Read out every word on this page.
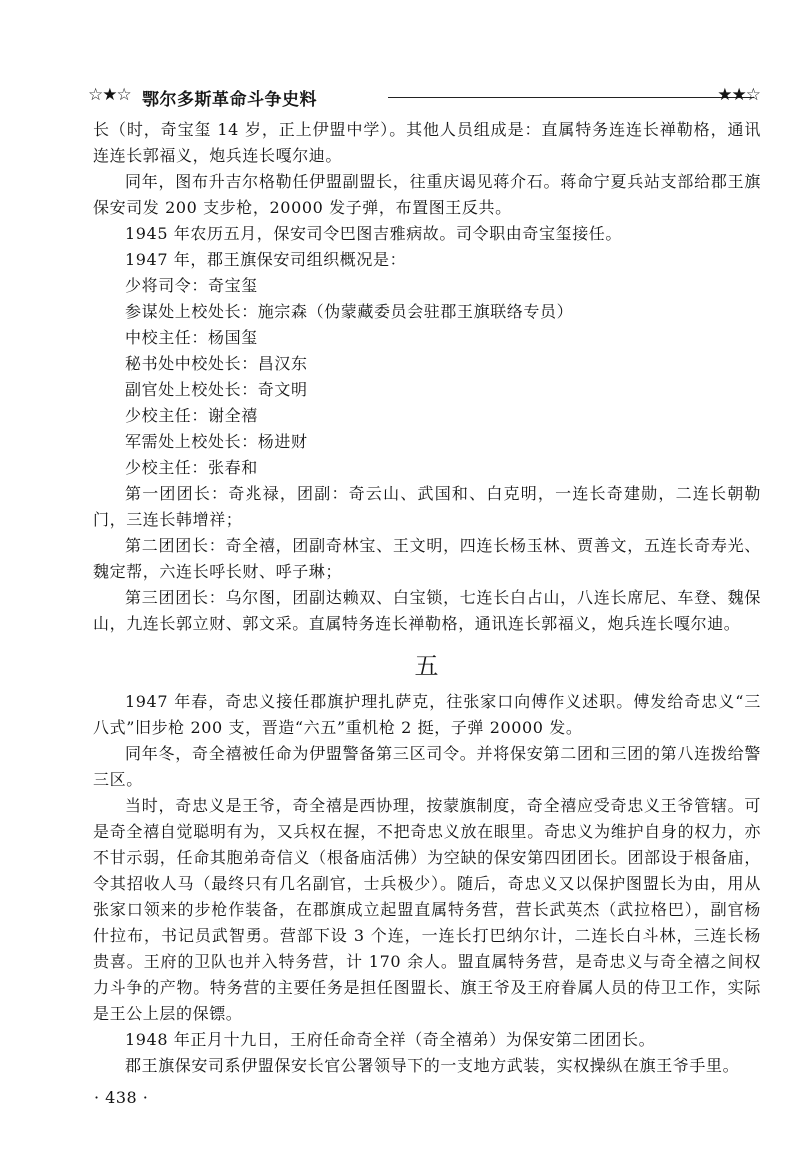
☆★☆ 鄂尔多斯革命斗争史料	★★☆

长（时，奇宝玺 14 岁，正上伊盟中学）。其他人员组成是：直属特务连连长禅勒格，通讯连连长郭福义，炮兵连长嘎尔迪。

同年，图布升吉尔格勒任伊盟副盟长，往重庆谒见蒋介石。蒋命宁夏兵站支部给郡王旗保安司发 200 支步枪，20000 发子弹，布置图王反共。

1945 年农历五月，保安司令巴图吉雅病故。司令职由奇宝玺接任。

1947 年，郡王旗保安司组织概况是：

少将司令：奇宝玺

参谋处上校处长：施宗森（伪蒙藏委员会驻郡王旗联络专员）

中校主任：杨国玺

秘书处中校处长：昌汉东

副官处上校处长：奇文明

少校主任：谢全禧

军需处上校处长：杨进财

少校主任：张春和

第一团团长：奇兆禄，团副：奇云山、武国和、白克明，一连长奇建勋，二连长朝勒门，三连长韩增祥；

第二团团长：奇全禧，团副奇林宝、王文明，四连长杨玉林、贾善文，五连长奇寿光、魏定帮，六连长呼长财、呼子琳；

第三团团长：乌尔图，团副达赖双、白宝锁，七连长白占山，八连长席尼、车登、魏保山，九连长郭立财、郭文采。直属特务连长禅勒格，通讯连长郭福义，炮兵连长嘎尔迪。

五

1947 年春，奇忠义接任郡旗护理扎萨克，往张家口向傅作义述职。傅发给奇忠义“三八式”旧步枪 200 支，晋造“六五”重机枪 2 挺，子弹 20000 发。

同年冬，奇全禧被任命为伊盟警备第三区司令。并将保安第二团和三团的第八连拨给警三区。

当时，奇忠义是王爷，奇全禧是西协理，按蒙旗制度，奇全禧应受奇忠义王爷管辖。可是奇全禧自觉聪明有为，又兵权在握，不把奇忠义放在眼里。奇忠义为维护自身的权力，亦不甘示弱，任命其胞弟奇信义（根备庙活佛）为空缺的保安第四团团长。团部设于根备庙，令其招收人马（最终只有几名副官，士兵极少）。随后，奇忠义又以保护图盟长为由，用从张家口领来的步枪作装备，在郡旗成立起盟直属特务营，营长武英杰（武拉格巴），副官杨什拉布，书记员武智勇。营部下设 3 个连，一连长打巴纳尔计，二连长白斗林，三连长杨贵喜。王府的卫队也并入特务营，计 170 余人。盟直属特务营，是奇忠义与奇全禧之间权力斗争的产物。特务营的主要任务是担任图盟长、旗王爷及王府眷属人员的侍卫工作，实际是王公上层的保镖。

1948 年正月十九日，王府任命奇全祥（奇全禧弟）为保安第二团团长。

郡王旗保安司系伊盟保安长官公署领导下的一支地方武装，实权操纵在旗王爷手里。

· 438 ·
